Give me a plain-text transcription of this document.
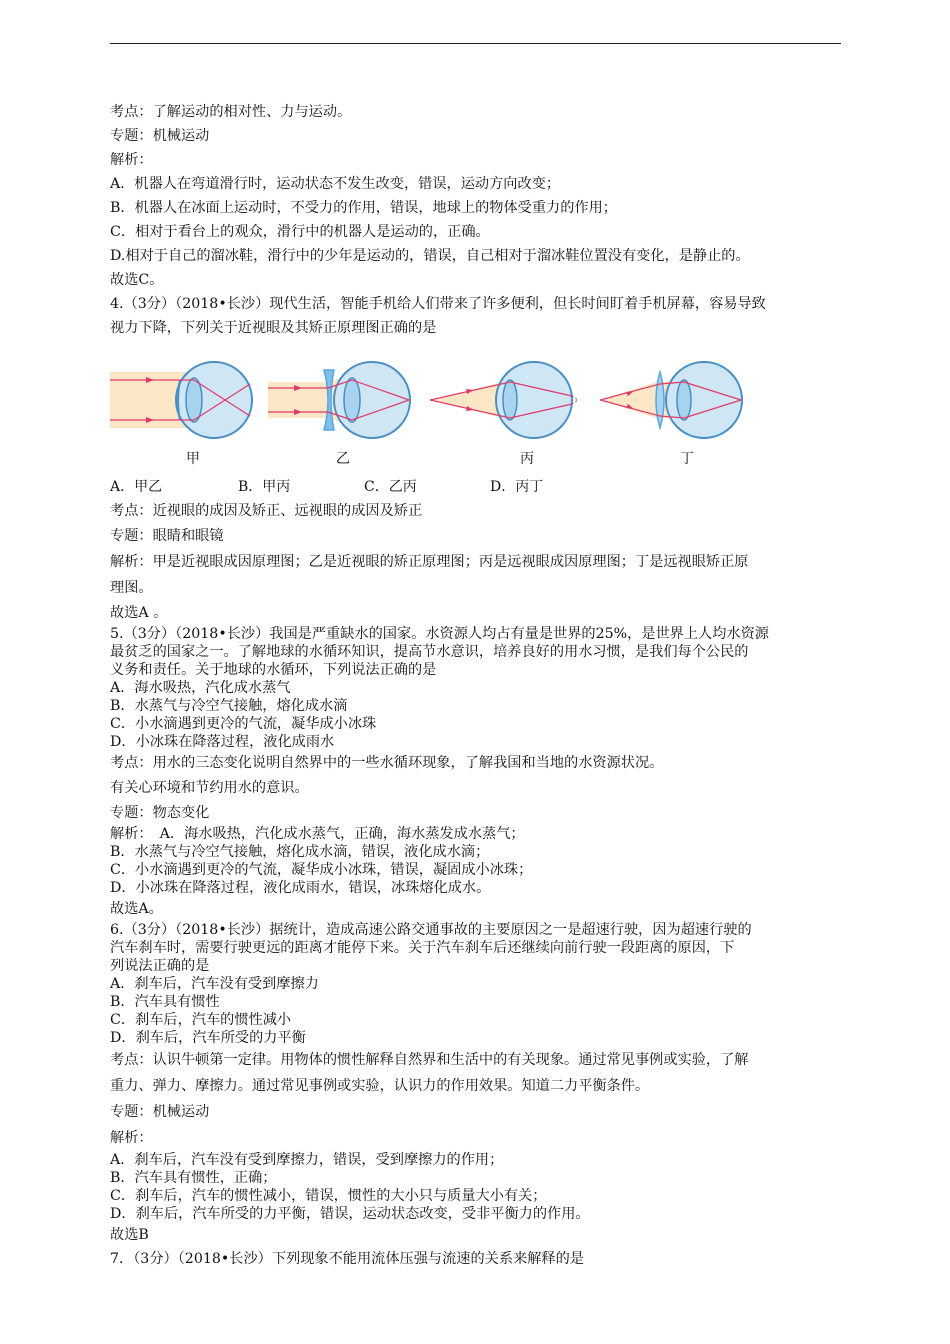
考点：了解运动的相对性、力与运动。
专题：机械运动
解析：
A．机器人在弯道滑行时，运动状态不发生改变，错误，运动方向改变；
B．机器人在冰面上运动时，不受力的作用，错误，地球上的物体受重力的作用；
C．相对于看台上的观众，滑行中的机器人是运动的，正确。
D.相对于自己的溜冰鞋，滑行中的少年是运动的，错误，自己相对于溜冰鞋位置没有变化，是静止的。
故选C。
4.（3分）（2018•长沙）现代生活，智能手机给人们带来了许多便利，但长时间盯着手机屏幕，容易导致
视力下降，下列关于近视眼及其矫正原理图正确的是
甲	乙	丙	丁
A．甲乙	B．甲丙	C．乙丙	D．丙丁
考点：近视眼的成因及矫正、远视眼的成因及矫正
专题：眼睛和眼镜
解析：甲是近视眼成因原理图；乙是近视眼的矫正原理图；丙是远视眼成因原理图；丁是远视眼矫正原
理图。
故选A 。
5.（3分）（2018•长沙）我国是严重缺水的国家。水资源人均占有量是世界的25%，是世界上人均水资源
最贫乏的国家之一。了解地球的水循环知识，提高节水意识，培养良好的用水习惯，是我们每个公民的
义务和责任。关于地球的水循环，下列说法正确的是
A．海水吸热，汽化成水蒸气
B．水蒸气与冷空气接触，熔化成水滴
C．小水滴遇到更冷的气流，凝华成小冰珠
D．小冰珠在降落过程，液化成雨水
考点：用水的三态变化说明自然界中的一些水循环现象，了解我国和当地的水资源状况。
有关心环境和节约用水的意识。
专题：物态变化
解析：　A．海水吸热，汽化成水蒸气，正确，海水蒸发成水蒸气；
B．水蒸气与冷空气接触，熔化成水滴，错误，液化成水滴；
C．小水滴遇到更冷的气流，凝华成小冰珠，错误，凝固成小冰珠；
D．小冰珠在降落过程，液化成雨水，错误，冰珠熔化成水。
故选A。
6.（3分）（2018•长沙）据统计，造成高速公路交通事故的主要原因之一是超速行驶，因为超速行驶的
汽车刹车时，需要行驶更远的距离才能停下来。关于汽车刹车后还继续向前行驶一段距离的原因，下
列说法正确的是
A．刹车后，汽车没有受到摩擦力
B．汽车具有惯性
C．刹车后，汽车的惯性减小
D．刹车后，汽车所受的力平衡
考点：认识牛顿第一定律。用物体的惯性解释自然界和生活中的有关现象。通过常见事例或实验，了解
重力、弹力、摩擦力。通过常见事例或实验，认识力的作用效果。知道二力平衡条件。
专题：机械运动
解析：
A．刹车后，汽车没有受到摩擦力，错误，受到摩擦力的作用；
B．汽车具有惯性，正确；
C．刹车后，汽车的惯性减小，错误，惯性的大小只与质量大小有关；
D．刹车后，汽车所受的力平衡，错误，运动状态改变，受非平衡力的作用。
故选B
7．（3分）（2018•长沙）下列现象不能用流体压强与流速的关系来解释的是
